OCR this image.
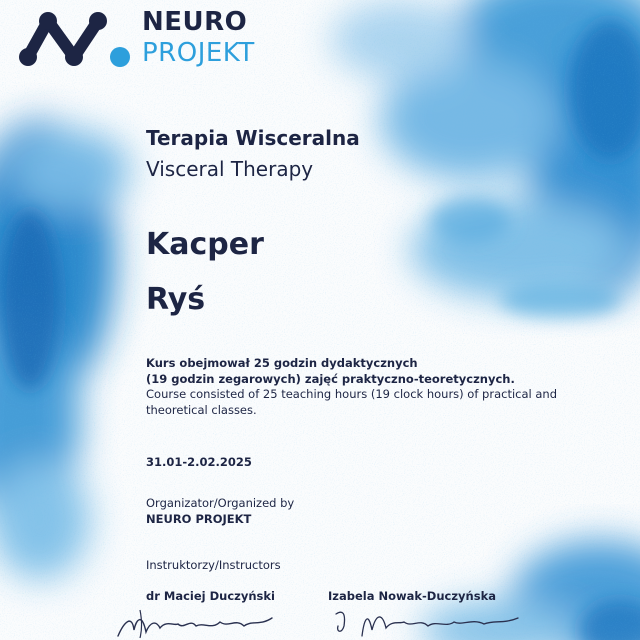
NEURO
PROJEKT
Terapia Wisceralna
Visceral Therapy
Kacper
Ryś
Kurs obejmował 25 godzin dydaktycznych
(19 godzin zegarowych) zajęć praktyczno-teoretycznych.
Course consisted of 25 teaching hours (19 clock hours) of practical and theoretical classes.
31.01-2.02.2025
Organizator/Organized by
NEURO PROJEKT
Instruktorzy/Instructors
dr Maciej Duczyński	Izabela Nowak-Duczyńska
